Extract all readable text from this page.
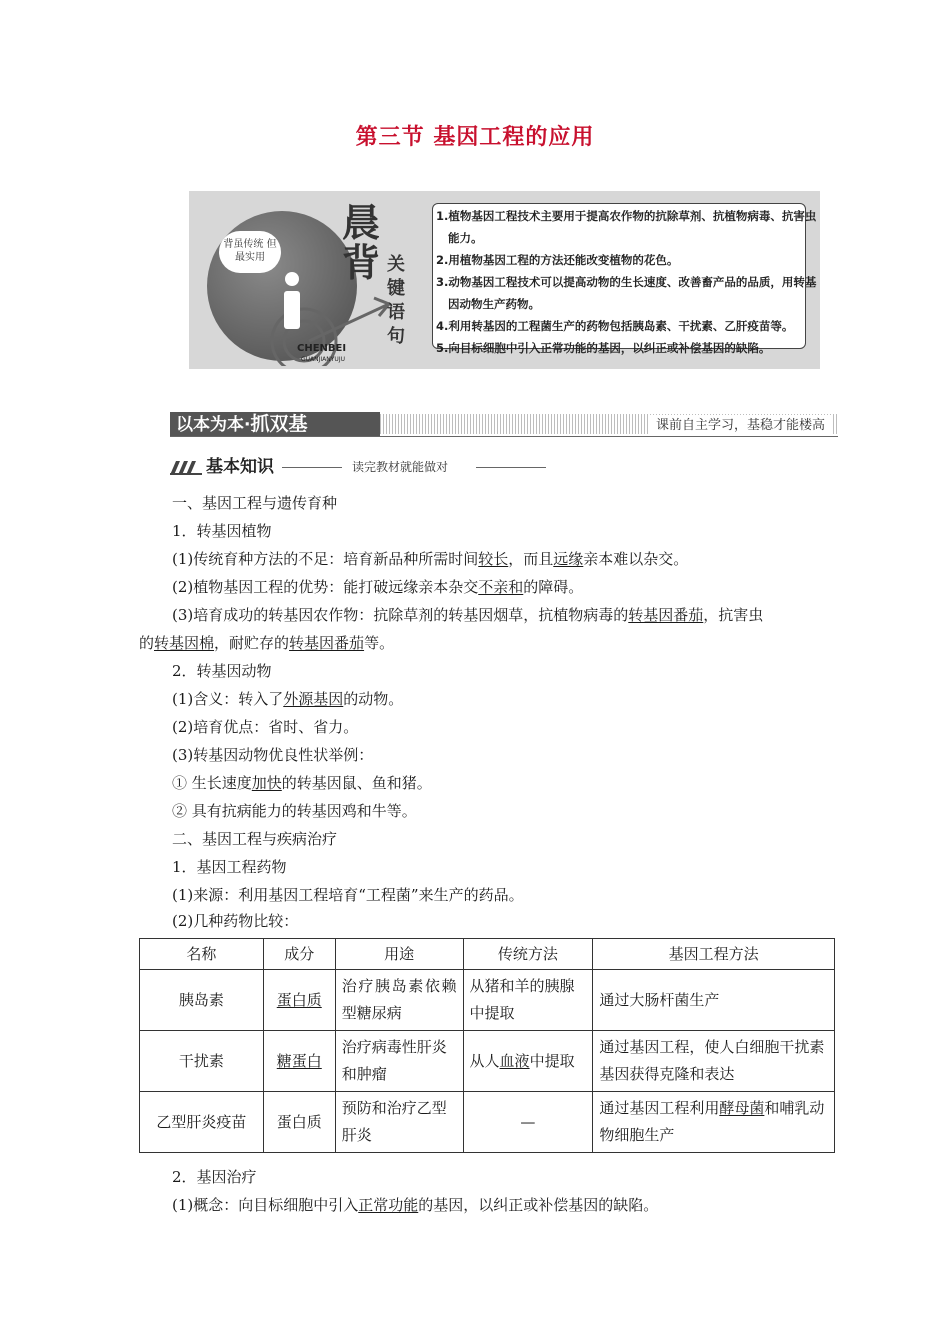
第三节 基因工程的应用
背虽传统 但最实用
晨背 关键语句
CHENBEI
GUANJIANYUJU
1.植物基因工程技术主要用于提高农作物的抗除草剂、抗植物病毒、抗害虫能力。
2.用植物基因工程的方法还能改变植物的花色。
3.动物基因工程技术可以提高动物的生长速度、改善畜产品的品质，用转基因动物生产药物。
4.利用转基因的工程菌生产的药物包括胰岛素、干扰素、乙肝疫苗等。
5.向目标细胞中引入正常功能的基因，以纠正或补偿基因的缺陷。
以本为本·抓双基	课前自主学习，基稳才能楼高
基本知识	读完教材就能做对
一、基因工程与遗传育种
1．转基因植物
(1)传统育种方法的不足：培育新品种所需时间较长，而且远缘亲本难以杂交。
(2)植物基因工程的优势：能打破远缘亲本杂交不亲和的障碍。
(3)培育成功的转基因农作物：抗除草剂的转基因烟草，抗植物病毒的转基因番茄，抗害虫
的转基因棉，耐贮存的转基因番茄等。
2．转基因动物
(1)含义：转入了外源基因的动物。
(2)培育优点：省时、省力。
(3)转基因动物优良性状举例：
① 生长速度加快的转基因鼠、鱼和猪。
② 具有抗病能力的转基因鸡和牛等。
二、基因工程与疾病治疗
1．基因工程药物
(1)来源：利用基因工程培育“工程菌”来生产的药品。
(2)几种药物比较：
名称	成分	用途	传统方法	基因工程方法
胰岛素	蛋白质	治疗胰岛素依赖型糖尿病	从猪和羊的胰腺中提取	通过大肠杆菌生产
干扰素	糖蛋白	治疗病毒性肝炎和肿瘤	从人血液中提取	通过基因工程，使人白细胞干扰素基因获得克隆和表达
乙型肝炎疫苗	蛋白质	预防和治疗乙型肝炎	—	通过基因工程利用酵母菌和哺乳动物细胞生产
2．基因治疗
(1)概念：向目标细胞中引入正常功能的基因，以纠正或补偿基因的缺陷。
